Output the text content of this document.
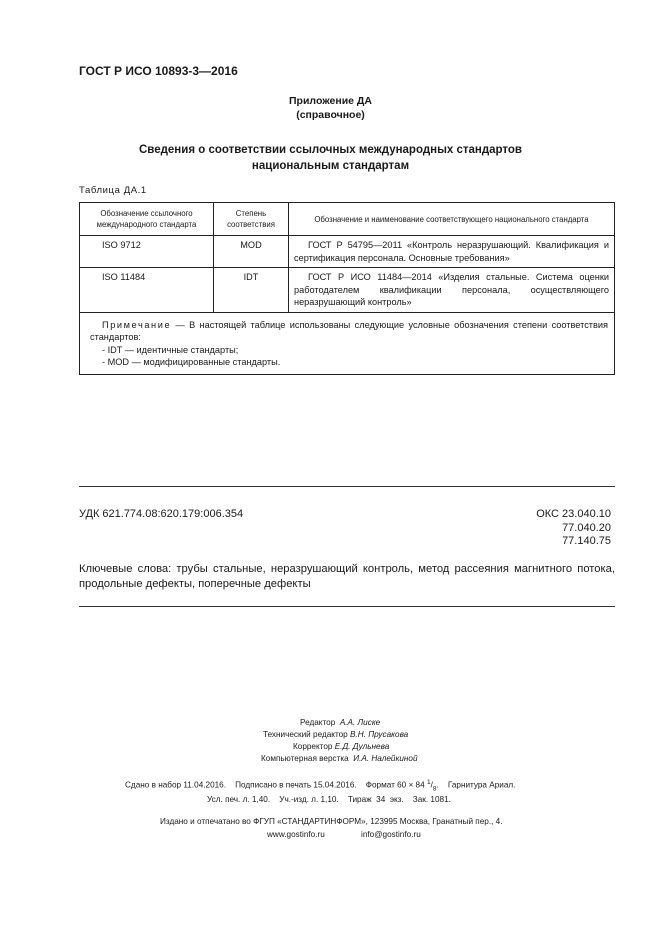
ГОСТ Р ИСО 10893-3—2016
Приложение ДА
(справочное)
Сведения о соответствии ссылочных международных стандартов
национальным стандартам
Таблица ДА.1
Обозначение ссылочного международного стандарта	Степень соответствия	Обозначение и наименование соответствующего национального стандарта
ISO 9712	MOD	ГОСТ Р 54795—2011 «Контроль неразрушающий. Квалификация и сертификация персонала. Основные требования»
ISO 11484	IDT	ГОСТ Р ИСО 11484—2014 «Изделия стальные. Система оценки работодателем квалификации персонала, осуществляющего неразрушающий контроль»

Примечание — В настоящей таблице использованы следующие условные обозначения степени соответствия стандартов:
- IDT — идентичные стандарты;
- MOD — модифицированные стандарты.		
УДК 621.774.08:620.179:006.354	ОКС 23.040.10
77.040.20
77.140.75
Ключевые слова: трубы стальные, неразрушающий контроль, метод рассеяния магнитного потока, продольные дефекты, поперечные дефекты
Редактор А.А. Лиске
Технический редактор В.Н. Прусакова
Корректор Е.Д. Дульнева
Компьютерная верстка И.А. Налейкиной
Сдано в набор 11.04.2016.    Подписано в печать 15.04.2016.    Формат 60 × 84 $^1/_8$.    Гарнитура Ариал.
Усл. печ. л. 1,40.    Уч.-изд. л. 1,10.    Тираж  34  экз.    Зак. 1081.
Издано и отпечатано во ФГУП «СТАНДАРТИНФОРМ», 123995 Москва, Гранатный пер., 4.
www.gostinfo.ru	info@gostinfo.ru
